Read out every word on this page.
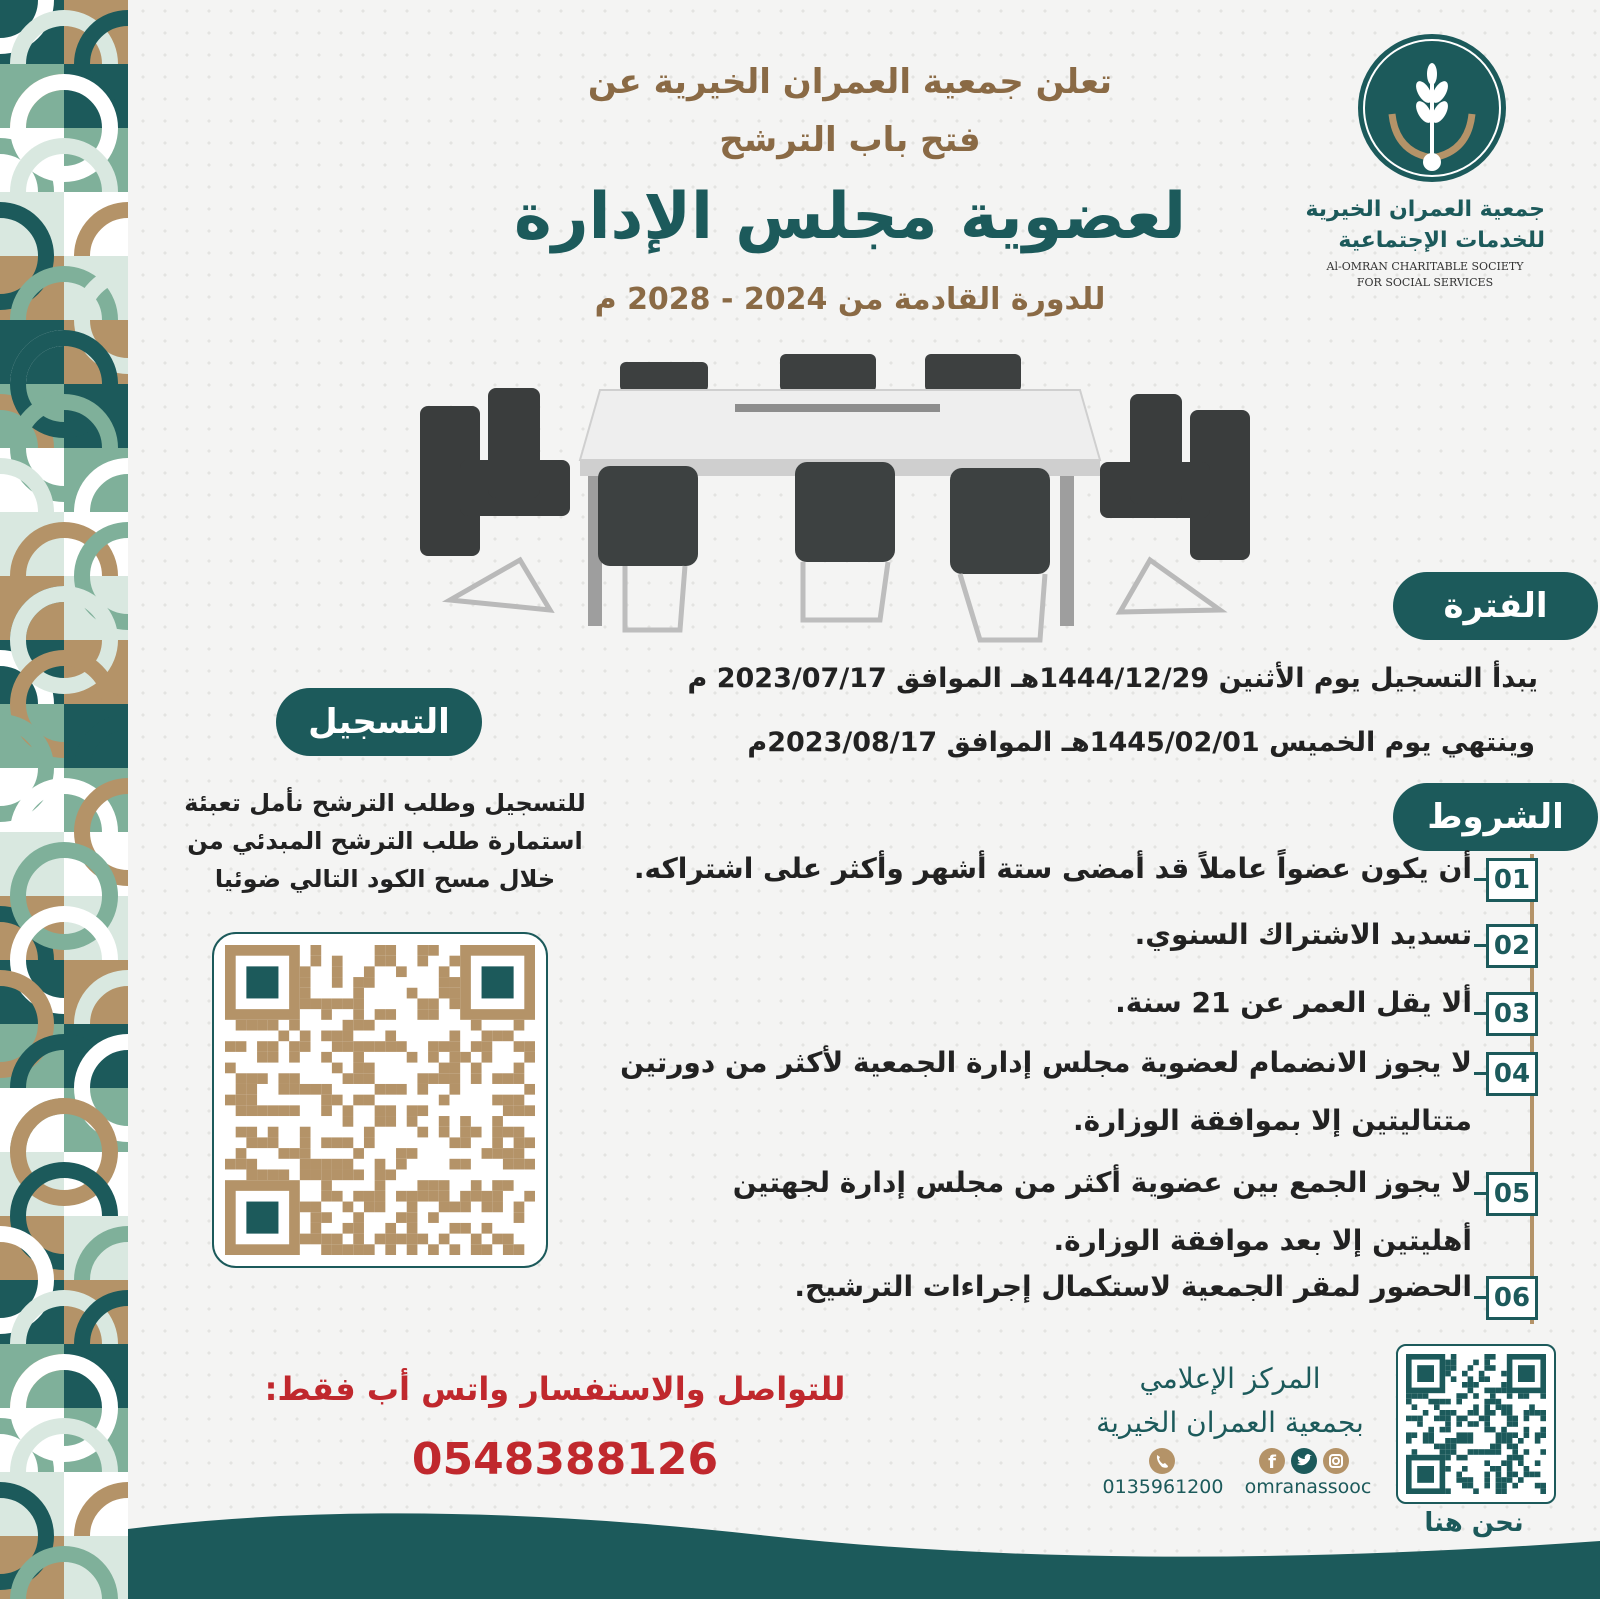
جمعية العمران الخيرية
للخدمات الإجتماعية
Al-OMRAN CHARITABLE SOCIETY
FOR SOCIAL SERVICES
تعلن جمعية العمران الخيرية عن
فتح باب الترشح
لعضوية مجلس الإدارة
للدورة القادمة من 2024 - 2028 م
الفترة
يبدأ التسجيل يوم الأثنين 1444/12/29هـ الموافق 2023/07/17 م
وينتهي يوم الخميس 1445/02/01هـ الموافق 2023/08/17م
الشروط
01
أن يكون عضواً عاملاً قد أمضى ستة أشهر وأكثر على اشتراكه.
02
تسديد الاشتراك السنوي.
03
ألا يقل العمر عن 21 سنة.
04
لا يجوز الانضمام لعضوية مجلس إدارة الجمعية لأكثر من دورتين
متتاليتين إلا بموافقة الوزارة.
05
لا يجوز الجمع بين عضوية أكثر من مجلس إدارة لجهتين
أهليتين إلا بعد موافقة الوزارة.
06
الحضور لمقر الجمعية لاستكمال إجراءات الترشيح.
التسجيل
للتسجيل وطلب الترشح نأمل تعبئة
استمارة طلب الترشح المبدئي من
خلال مسح الكود التالي ضوئيا
للتواصل والاستفسار واتس أب فقط:
0548388126
المركز الإعلامي
بجمعية العمران الخيرية
0135961200
f
omranassooc
نحن هنا
